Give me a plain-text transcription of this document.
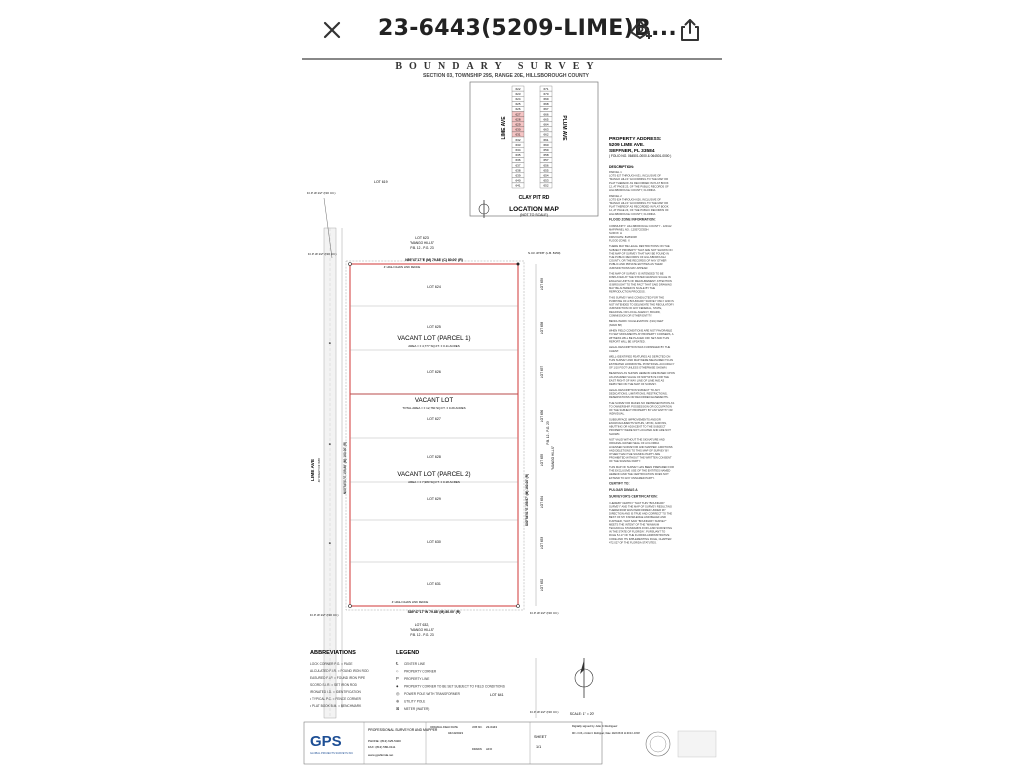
23-6443(5209-LIME)B...
BOUNDARY SURVEY
SECTION 03, TOWNSHIP 29S, RANGE 20E, HILLSBOROUGH COUNTY
622
623
624
625
626
627
628
629
630
631
632
633
634
635
636
637
638
639
640
641
671
670
669
668
667
666
665
664
663
662
661
660
659
658
657
656
655
654
653
652
LIME AVE	PLUM AVE
CLAY PIT RD
LOCATION MAP
(NOT TO SCALE)
PROPERTY ADDRESS:
5209 LIME AVE.
SEFFNER, FL 33584
( FOLIO NO. 064501-0000 & 064501-0000 )
DESCRIPTION:
PARCEL 1
LOTS 627 THROUGH 631, INCLUSIVE OF
"MANGO HILLS" ACCORDING TO THE MAP OR
PLAT THEREOF AS RECORDED IN PLAT BOOK
12, AT PAGE 23, OF THE PUBLIC RECORDS OF
HILLSBOROUGH COUNTY, FLORIDA.
PARCEL 2
LOTS 624 THROUGH 626, INCLUSIVE OF
"MANGO HILLS" ACCORDING TO THE MAP OR
PLAT THEREOF AS RECORDED IN PLAT BOOK
12, AT PAGE 23, OF THE PUBLIC RECORDS OF
HILLSBOROUGH COUNTY, FLORIDA.
FLOOD ZONE INFORMATION:
COMMUNITY: HILLSBOROUGH COUNTY - 120112
MAP/PANEL NO.: 12057C0355H
SUFFIX: H
FIRM DATE: 8/28/2008
FLOOD ZONE: X
THERE MAY BE LEGAL RESTRICTIONS ON THE
SUBJECT PROPERTY THAT ARE NOT SHOWN ON
THE MAP OF SURVEY THAT MAY BE FOUND IN
THE PUBLIC RECORDS OF HILLSBOROUGH
COUNTY, OR THE RECORDS OF ANY OTHER
PUBLIC AND PRIVATE ENTITIES AS THEIR
JURISDICTIONS MAY APPEAR.
THE MAP OF SURVEY IS INTENDED TO BE
DISPLAYED AT THE STATED GRAPHIC SCALE IN
ENGLISH UNITS OF MEASUREMENT. ATTENTION
IS BROUGHT TO THE FACT THAT SAID DRAWING
MAY BE ALTERED IN SCALE BY THE
REPRODUCTION PROCESS.
THIS SURVEY WAS CONDUCTED FOR THE
PURPOSE OF A BOUNDARY SURVEY ONLY AND IS
NOT INTENDED TO DELINEATE THE REGULATORY
JURISDICTION OF ANY FEDERAL, STATE,
REGIONAL OR LOCAL AGENCY, BOARD,
COMMISSION OR OTHER ENTITY.
BENCH MARK: N/A ELEVATION: (N/A) FEET
(NAVD 88)
WHEN FIELD CONDITIONS ARE NOT FAVORABLE
TO SET MONUMENTS AT PROPERTY CORNERS, A
WITNESS WILL BE PLACED OFF SET AND THIS
REPORT WILL BE UPDATED.
LEGAL DESCRIPTION WAS FURNISHED BY THE
CLIENT.
WELL-IDENTIFIED FEATURES AS DEPICTED ON
THIS SURVEY AND MAP WERE MEASURED TO AN
ESTIMATED HORIZONTAL POSITIONAL ACCURACY
OF 1/10 FOOT UNLESS OTHERWISE SHOWN.
BEARINGS AS SHOWN HEREON ARE BASED UPON
AN ASSUMED VALUE OF N00°54'51"E FOR THE
EAST RIGHT OF WAY LINE OF LIME AVE AS
DEPICTED ON THE MAP OF SURVEY.
LEGAL DESCRIPTION SUBJECT TO ANY
DEDICATIONS, LIMITATIONS, RESTRICTIONS,
RESERVATIONS OR RECORDED EASEMENTS.
THE SURVEYOR MAKES NO REPRESENTATION AS
TO OWNERSHIP, POSSESSION OR OCCUPATION
OF THE SUBJECT PROPERTY BY ANY ENTITY OR
INDIVIDUAL.
SUBSURFACE IMPROVEMENTS AND/OR
ENCROACHMENTS WITHIN, UPON, ACROSS,
ABUTTING OR ADJACENT TO THE SUBJECT
PROPERTY WERE NOT LOCATED AND ARE NOT
SHOWN.
NOT VALID WITHOUT THE SIGNATURE AND
ORIGINAL RAISED SEAL OF A FLORIDA
LICENSED SURVEYOR AND MAPPER. ADDITIONS
AND DELETIONS TO THIS MAP OF SURVEY BY
OTHER THAN THE SIGNING PARTY ARE
PROHIBITED WITHOUT THE WRITTEN CONSENT
OF THE SIGNING PARTY.
THIS MAP OF SURVEY HAS BEEN PREPARED FOR
THE EXCLUSIVE USE OF THE ENTITIES NAMED
HEREON AND THE CERTIFICATION DOES NOT
EXTEND TO ANY UNNAMED PARTY.
CERTIFY TO:
PULGAR DIMAS A
SURVEYOR'S CERTIFICATION:
I HEREBY CERTIFY THAT THIS "BOUNDARY
SURVEY" AND THE MAP OF SURVEY RESULTING
THEREFROM WAS PERFORMED UNDER MY
DIRECTION AND IS TRUE AND CORRECT TO THE
BEST OF MY KNOWLEDGE AND BELIEF AND
FURTHER, THAT SAID "BOUNDARY SURVEY"
MEETS THE INTENT OF THE "MINIMUM
TECHNICAL STANDARDS FOR LAND SURVEYING
IN THE STATE OF FLORIDA", PURSUANT TO
RULE 5J-17 OF THE FLORIDA ADMINISTRATIVE
CODE AND ITS IMPLEMENTING RULE, CHAPTER
472.027 OF THE FLORIDA STATUTES.
LIME AVE 40' RIGHT OF WAY	N00°54'51"E 159.88' (M) 160.00' (R)
⊕
⊕
⊕
F.I.P. Ø 1/2" (NO I.D.)
LOT 619
LOT 623
"MANGO HILLS"
P.B. 12 - P.G. 23
N89°47'17"E (M) 79.88' (C) 80.00' (R)
4' HIGH CHAIN LINK FENCE
S89°47'17"W 79.88' (M) 80.00' (R)
4' HIGH CHAIN LINK FENCE
LOT 624
LOT 625
VACANT LOT (PARCEL 1)
AREA = ± 4,777 SQ.FT. ± 0.11 ACRES
LOT 626
VACANT LOT
TOTAL AREA = ± 12,760 SQ.FT. ± 0.29 ACRES
LOT 627
LOT 628
VACANT LOT (PARCEL 2)
AREA = ± 7,983 SQ.FT. ± 0.18 ACRES
LOT 629
LOT 630
LOT 631
LOT 632,
"MANGO HILLS"
P.B. 12 - P.G. 23
S00°54'51"E 159.97' (M) 160.00' (R)
LOT 659
LOT 658
LOT 657
LOT 656
LOT 655
LOT 654
LOT 653
LOT 652
"MANGO HILLS"
P.B. 12 - P.G. 23
LOT 641
F.I.P. Ø 1/2" (NO I.D.)	S.I.R. Ø 5/8" (L.B. 8150)
F.I.P. Ø 1/2" (NO I.D.)	F.I.P. Ø 1/2" (NO I.D.)
F.I.P. Ø 1/2" (NO I.D.)	SCALE: 1" = 20'
ABBREVIATIONS
LOCK CORNER P.G. = PAGE
ALCULATED F.I.R. = FOUND IRON ROD
EASURED F.I.P. = FOUND IRON PIPE
SCORD S.I.R. = SET IRON ROD
IRONATED I.D. = IDENTIFICATION
• TYPICAL P.C. = FENCE CORNER
• PLAT BOOK B.M. = BENCHMARK
LEGEND
℄ CENTER LINE
○ PROPERTY CORNER
P PROPERTY LINE
● PROPERTY CORNER TO BE SET SUBJECT TO FIELD CONDITIONS
◎ POWER POLE WITH TRANSFORMER
⊕ UTILITY POLE
⊠ METER (WATER)
GPS
GLOBAL PROJECTS SURVEYS INC
PROFESSIONAL SURVEYOR AND MAPPER
PHONE: (813) 625-5400
FAX: (813) 580-0111
www.gpsflorida.net
ORIGINAL FIELD DATE
04/10/2023
JOB NO. 23-6443
DRAWN AFO
SHEET
1/1
Digitally signed by Julio C Rodriguez
DN: c=US, o=Julio C Rodriguez, Date: 2023.05.03 11:00:43 -04'00'
